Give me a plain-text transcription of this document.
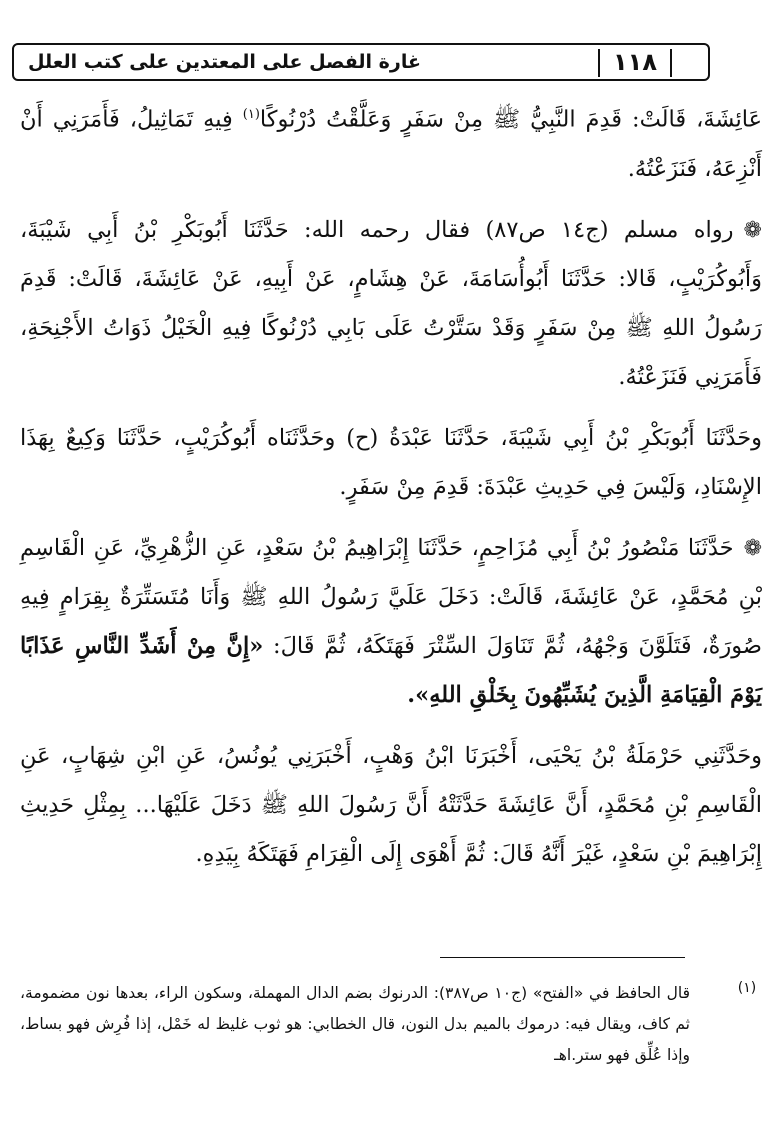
غارة الفصل على المعتدين على كتب العلل	١١٨

عَائِشَةَ، قَالَتْ: قَدِمَ النَّبِيُّ ﷺ مِنْ سَفَرٍ وَعَلَّقْتُ دُرْنُوكًا$^{(١)}$ فِيهِ تَمَاثِيلُ، فَأَمَرَنِي أَنْ أَنْزِعَهُ، فَنَزَعْتُهُ.

❁رواه مسلم (ج١٤ ص٨٧) فقال رحمه الله: حَدَّثَنَا أَبُوبَكْرِ بْنُ أَبِي شَيْبَةَ، وَأَبُوكُرَيْبٍ، قَالا: حَدَّثَنَا أَبُوأُسَامَةَ، عَنْ هِشَامٍ، عَنْ أَبِيهِ، عَنْ عَائِشَةَ، قَالَتْ: قَدِمَ رَسُولُ اللهِ ﷺ مِنْ سَفَرٍ وَقَدْ سَتَّرْتُ عَلَى بَابِي دُرْنُوكًا فِيهِ الْخَيْلُ ذَوَاتُ الأَجْنِحَةِ، فَأَمَرَنِي فَنَزَعْتُهُ.

وحَدَّثَنَا أَبُوبَكْرِ بْنُ أَبِي شَيْبَةَ، حَدَّثَنَا عَبْدَةُ (ح) وحَدَّثَنَاه أَبُوكُرَيْبٍ، حَدَّثَنَا وَكِيعٌ بِهَذَا الإِسْنَادِ، وَلَيْسَ فِي حَدِيثِ عَبْدَةَ: قَدِمَ مِنْ سَفَرٍ.

❁حَدَّثَنَا مَنْصُورُ بْنُ أَبِي مُزَاحِمٍ، حَدَّثَنَا إِبْرَاهِيمُ بْنُ سَعْدٍ، عَنِ الزُّهْرِيِّ، عَنِ الْقَاسِمِ بْنِ مُحَمَّدٍ، عَنْ عَائِشَةَ، قَالَتْ: دَخَلَ عَلَيَّ رَسُولُ اللهِ ﷺ وَأَنَا مُتَسَتِّرَةٌ بِقِرَامٍ فِيهِ صُورَةٌ، فَتَلَوَّنَ وَجْهُهُ، ثُمَّ تَنَاوَلَ السِّتْرَ فَهَتَكَهُ، ثُمَّ قَالَ: «إِنَّ مِنْ أَشَدِّ النَّاسِ عَذَابًا يَوْمَ الْقِيَامَةِ الَّذِينَ يُشَبِّهُونَ بِخَلْقِ اللهِ».

وحَدَّثَنِي حَرْمَلَةُ بْنُ يَحْيَى، أَخْبَرَنَا ابْنُ وَهْبٍ، أَخْبَرَنِي يُونُسُ، عَنِ ابْنِ شِهَابٍ، عَنِ الْقَاسِمِ بْنِ مُحَمَّدٍ، أَنَّ عَائِشَةَ حَدَّثَتْهُ أَنَّ رَسُولَ اللهِ ﷺ دَخَلَ عَلَيْهَا... بِمِثْلِ حَدِيثِ إِبْرَاهِيمَ بْنِ سَعْدٍ، غَيْرَ أَنَّهُ قَالَ: ثُمَّ أَهْوَى إِلَى الْقِرَامِ فَهَتَكَهُ بِيَدِهِ.

(١)
قال الحافظ في «الفتح» (ج١٠ ص٣٨٧): الدرنوك بضم الدال المهملة، وسكون الراء، بعدها نون مضمومة، ثم كاف، ويقال فيه: درموك بالميم بدل النون، قال الخطابي: هو ثوب غليظ له خَمْل، إذا فُرِش فهو بساط، وإذا عُلِّق فهو ستر.اهـ
